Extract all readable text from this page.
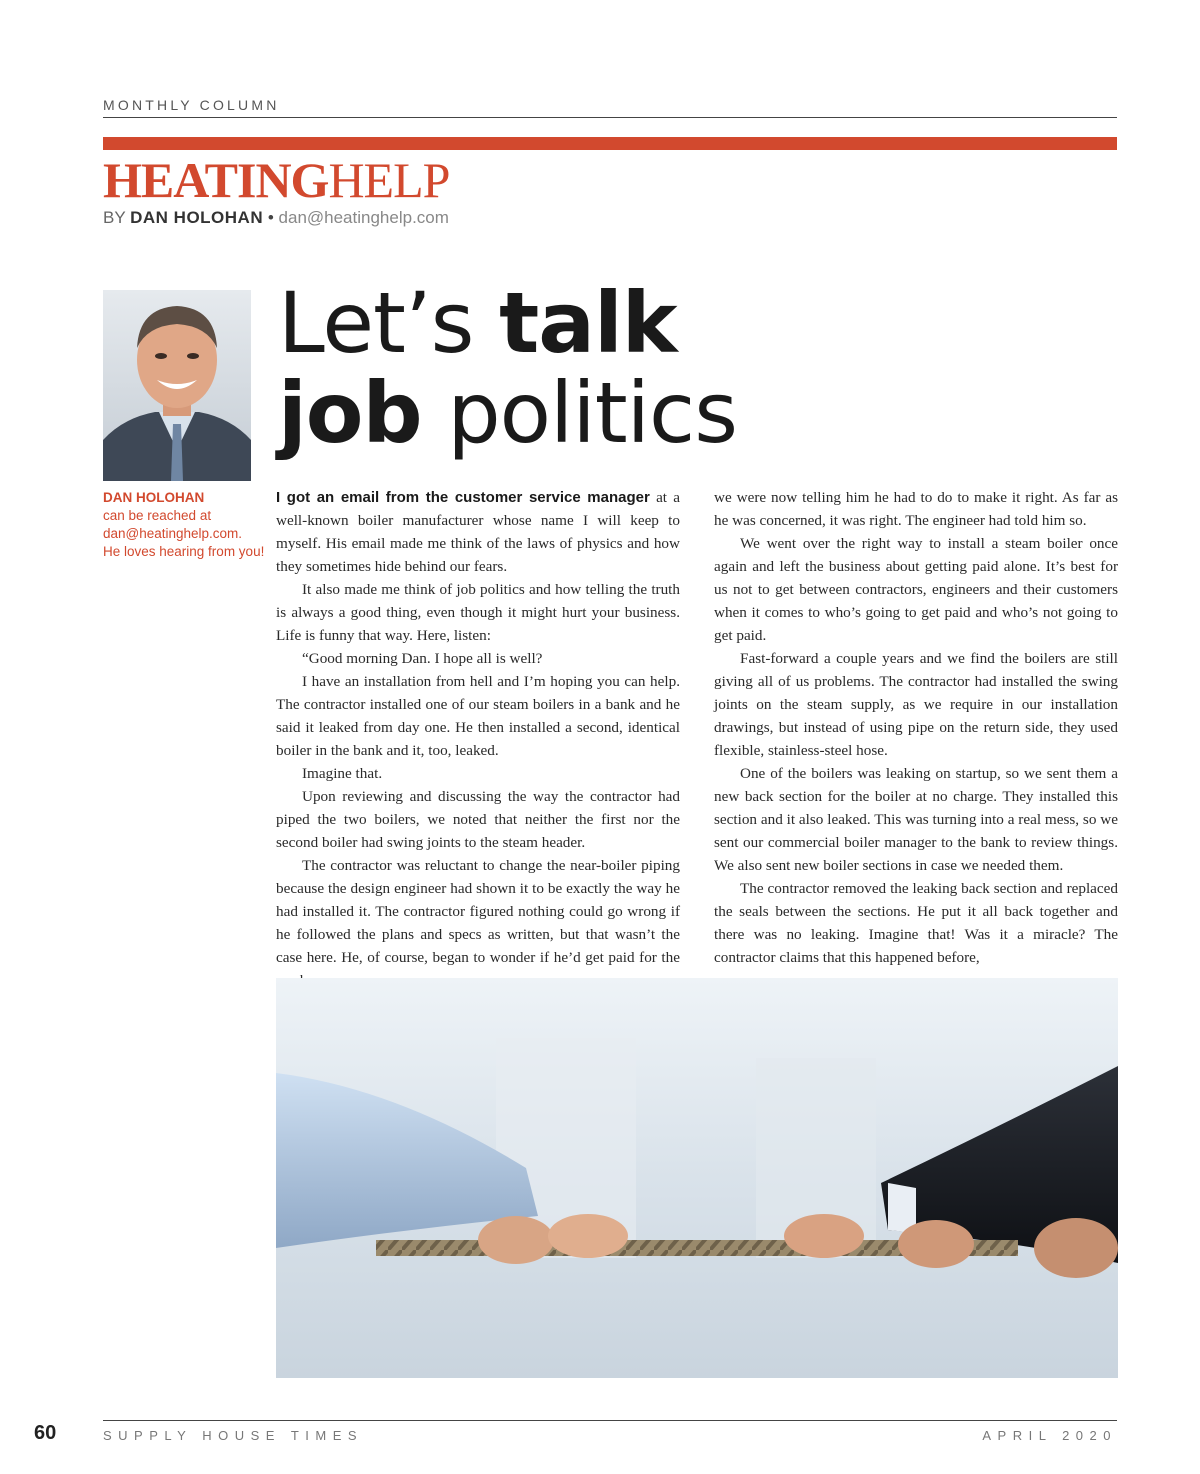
MONTHLY COLUMN
HEATINGHELP
BY DAN HOLOHAN • dan@heatinghelp.com
DAN HOLOHAN
can be reached at
dan@heatinghelp.com.
He loves hearing from you!
Let’s talk
job politics

I got an email from the customer service manager at a well-known boiler manufacturer whose name I will keep to myself. His email made me think of the laws of physics and how they sometimes hide behind our fears.

It also made me think of job politics and how telling the truth is always a good thing, even though it might hurt your business. Life is funny that way. Here, listen:

“Good morning Dan. I hope all is well?

I have an installation from hell and I’m hoping you can help. The contractor installed one of our steam boilers in a bank and he said it leaked from day one. He then installed a second, identical boiler in the bank and it, too, leaked.

Imagine that.

Upon reviewing and discussing the way the contractor had piped the two boilers, we noted that neither the first nor the second boiler had swing joints to the steam header.

The contractor was reluctant to change the near-boiler piping because the design engineer had shown it to be exactly the way he had installed it. The contractor figured nothing could go wrong if he followed the plans and specs as written, but that wasn’t the case here. He, of course, began to wonder if he’d get paid for the

we were now telling him he had to do to make it right. As far as he was concerned, it was right. The engineer had told him so.

We went over the right way to install a steam boiler once again and left the business about getting paid alone. It’s best for us not to get between contractors, engineers and their customers when it comes to who’s going to get paid and who’s not going to get paid.

Fast-forward a couple years and we find the boilers are still giving all of us problems. The contractor had installed the swing joints on the steam supply, as we require in our installation drawings, but instead of using pipe on the return side, they used flexible, stainless-steel hose.

One of the boilers was leaking on startup, so we sent them a new back section for the boiler at no charge. They installed this section and it also leaked. This was turning into a real mess, so we sent our commercial boiler manager to the bank to review things. We also sent new boiler sections in case we needed them.

The contractor removed the leaking back section and replaced the seals between the sections. He put it all back together and there was no leaking. Imagine that! Was it a miracle? The contractor claims that this happened before,

60	SUPPLY HOUSE TIMES	APRIL 2020
